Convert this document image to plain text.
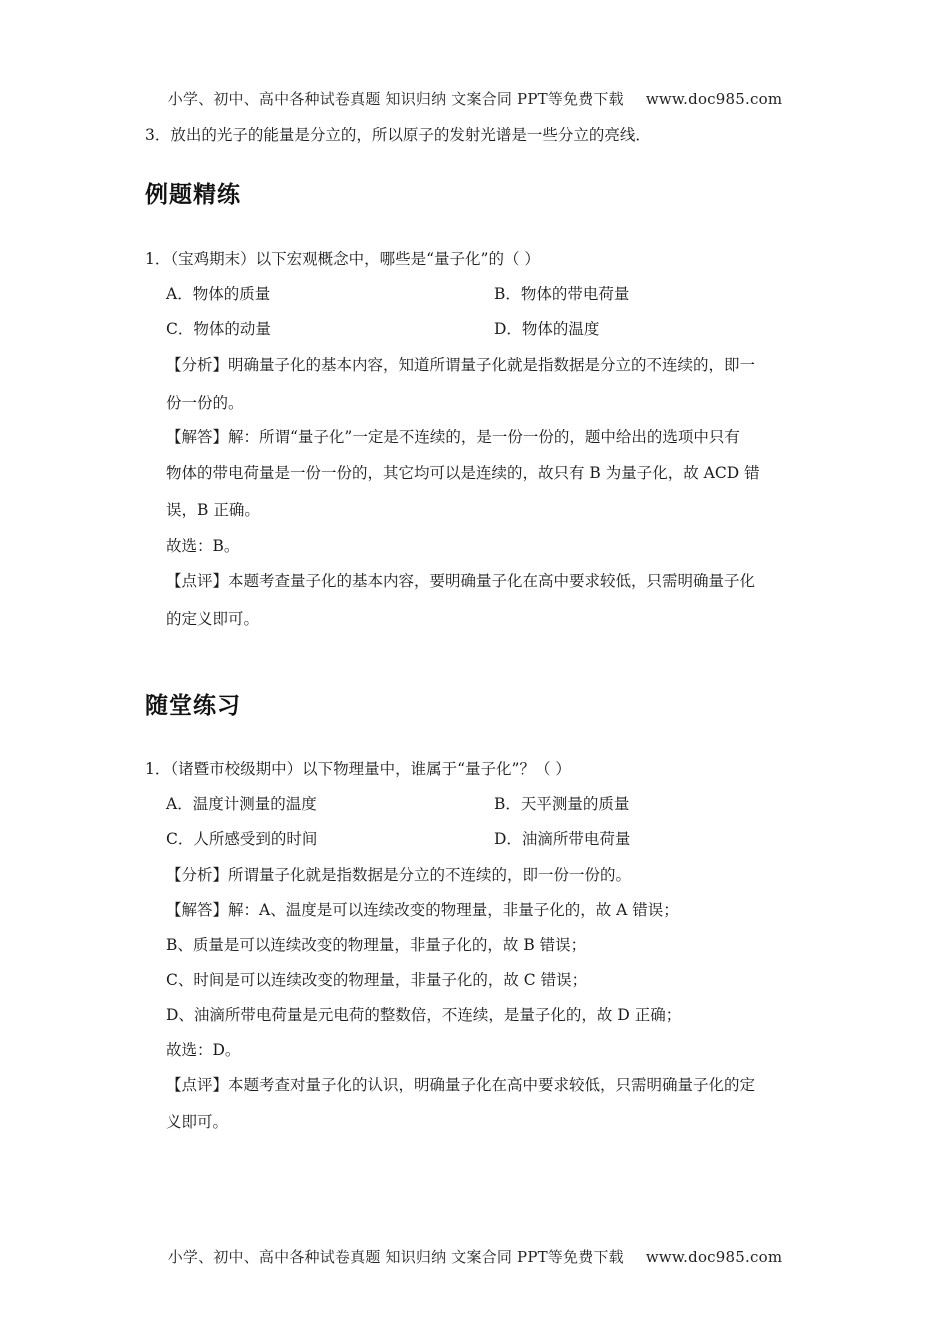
小学、初中、高中各种试卷真题 知识归纳 文案合同 PPT等免费下载 www.doc985.com
3．放出的光子的能量是分立的，所以原子的发射光谱是一些分立的亮线．
例题精练
1．（宝鸡期末）以下宏观概念中，哪些是“量子化”的（ ）
A．物体的质量	B．物体的带电荷量
C．物体的动量	D．物体的温度
【分析】明确量子化的基本内容，知道所谓量子化就是指数据是分立的不连续的，即一
份一份的。
【解答】解：所谓“量子化”一定是不连续的，是一份一份的，题中给出的选项中只有
物体的带电荷量是一份一份的，其它均可以是连续的，故只有 B 为量子化，故 ACD 错
误，B 正确。
故选：B。
【点评】本题考查量子化的基本内容，要明确量子化在高中要求较低，只需明确量子化
的定义即可。
随堂练习
1．（诸暨市校级期中）以下物理量中，谁属于“量子化”？（ ）
A．温度计测量的温度	B．天平测量的质量
C．人所感受到的时间	D．油滴所带电荷量
【分析】所谓量子化就是指数据是分立的不连续的，即一份一份的。
【解答】解：A、温度是可以连续改变的物理量，非量子化的，故 A 错误；
B、质量是可以连续改变的物理量，非量子化的，故 B 错误；
C、时间是可以连续改变的物理量，非量子化的，故 C 错误；
D、油滴所带电荷量是元电荷的整数倍，不连续，是量子化的，故 D 正确；
故选：D。
【点评】本题考查对量子化的认识，明确量子化在高中要求较低，只需明确量子化的定
义即可。
小学、初中、高中各种试卷真题 知识归纳 文案合同 PPT等免费下载 www.doc985.com
